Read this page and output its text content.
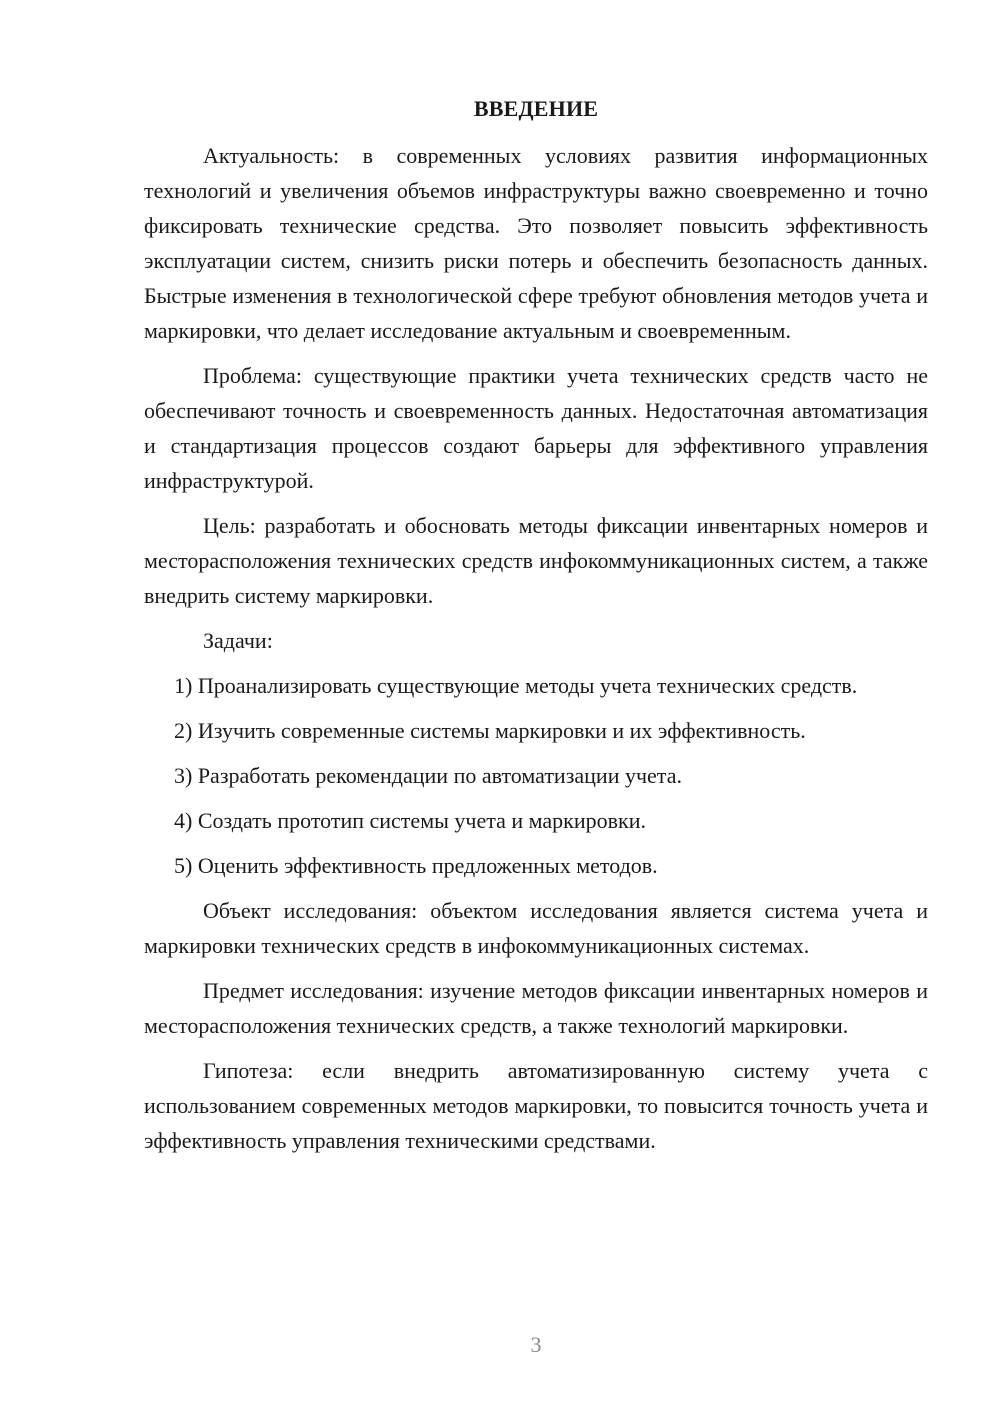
ВВЕДЕНИЕ

Актуальность: в современных условиях развития информационных технологий и увеличения объемов инфраструктуры важно своевременно и точно фиксировать технические средства. Это позволяет повысить эффективность эксплуатации систем, снизить риски потерь и обеспечить безопасность данных. Быстрые изменения в технологической сфере требуют обновления методов учета и маркировки, что делает исследование актуальным и своевременным.

Проблема: существующие практики учета технических средств часто не обеспечивают точность и своевременность данных. Недостаточная автоматизация и стандартизация процессов создают барьеры для эффективного управления инфраструктурой.

Цель: разработать и обосновать методы фиксации инвентарных номеров и месторасположения технических средств инфокоммуникационных систем, а также внедрить систему маркировки.

Задачи:

1) Проанализировать существующие методы учета технических средств.

2) Изучить современные системы маркировки и их эффективность.

3) Разработать рекомендации по автоматизации учета.

4) Создать прототип системы учета и маркировки.

5) Оценить эффективность предложенных методов.

Объект исследования: объектом исследования является система учета и маркировки технических средств в инфокоммуникационных системах.

Предмет исследования: изучение методов фиксации инвентарных номеров и месторасположения технических средств, а также технологий маркировки.

Гипотеза: если внедрить автоматизированную систему учета с использованием современных методов маркировки, то повысится точность учета и эффективность управления техническими средствами.

3
